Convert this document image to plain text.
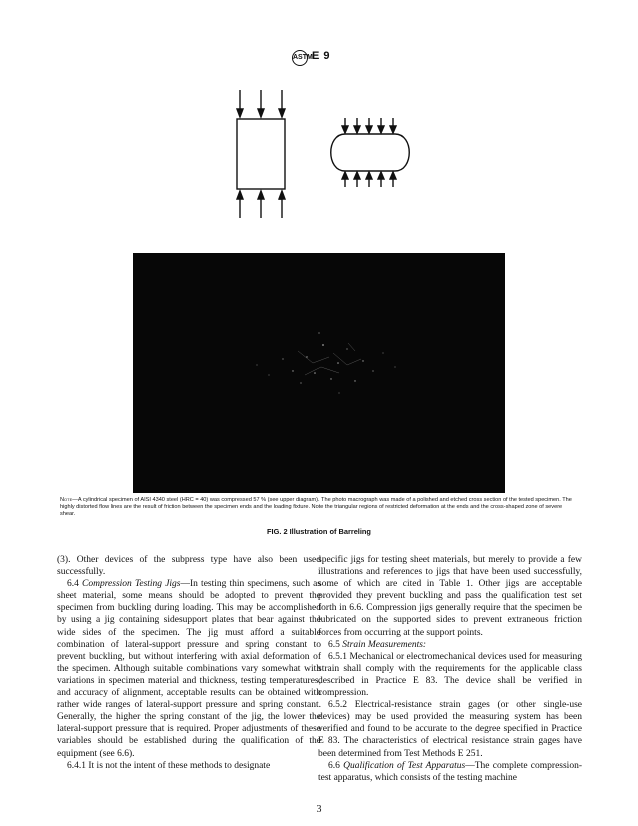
ASTM E 9
Note—A cylindrical specimen of AISI 4340 steel (HRC = 40) was compressed 57 % (see upper diagram). The photo macrograph was made of a polished and etched cross section of the tested specimen. The highly distorted flow lines are the result of friction between the specimen ends and the loading fixture. Note the triangular regions of restricted deformation at the ends and the cross-shaped zone of severe shear.
FIG. 2 Illustration of Barreling

(3). Other devices of the subpress type have also been used successfully.

6.4 Compression Testing Jigs—In testing thin specimens, such as sheet material, some means should be adopted to prevent the specimen from buckling during loading. This may be accomplished by using a jig containing sidesupport plates that bear against the wide sides of the specimen. The jig must afford a suitable combination of lateral-support pressure and spring constant to prevent buckling, but without interfering with axial deformation of the specimen. Although suitable combinations vary somewhat with variations in specimen material and thickness, testing temperatures, and accuracy of alignment, acceptable results can be obtained with rather wide ranges of lateral-support pressure and spring constant. Generally, the higher the spring constant of the jig, the lower the lateral-support pressure that is required. Proper adjustments of these variables should be established during the qualification of the equipment (see 6.6).

6.4.1 It is not the intent of these methods to designate

specific jigs for testing sheet materials, but merely to provide a few illustrations and references to jigs that have been used successfully, some of which are cited in Table 1. Other jigs are acceptable provided they prevent buckling and pass the qualification test set forth in 6.6. Compression jigs generally require that the specimen be lubricated on the supported sides to prevent extraneous friction forces from occurring at the support points.

6.5 Strain Measurements:

6.5.1 Mechanical or electromechanical devices used for measuring strain shall comply with the requirements for the applicable class described in Practice E 83. The device shall be verified in compression.

6.5.2 Electrical-resistance strain gages (or other single-use devices) may be used provided the measuring system has been verified and found to be accurate to the degree specified in Practice E 83. The characteristics of electrical resistance strain gages have been determined from Test Methods E 251.

6.6 Qualification of Test Apparatus—The complete compression-test apparatus, which consists of the testing machine

3
